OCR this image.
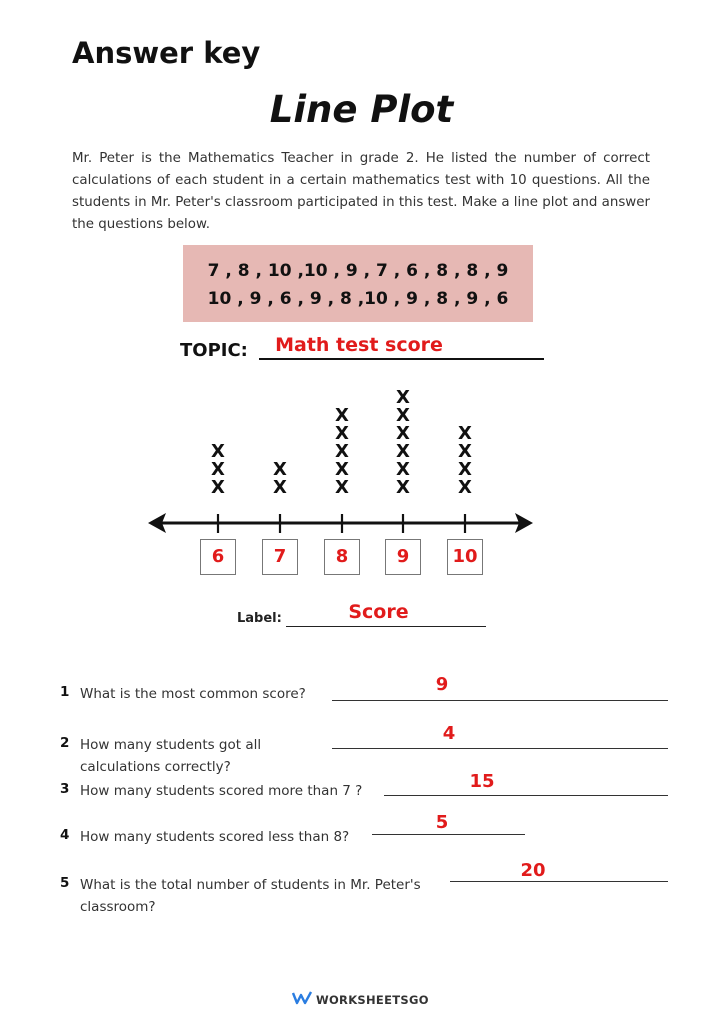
Answer key
Line Plot
Mr. Peter is the Mathematics Teacher in grade 2. He listed the number of correct calculations of each student in a certain mathematics test with 10 questions. All the students in Mr. Peter's classroom participated in this test. Make a line plot and answer the questions below.
7 , 8 , 10 ,10 , 9 , 7 , 6 , 8 , 8 , 9
10 , 9 , 6 , 9 , 8 ,10 , 9 , 8 , 9 , 6
TOPIC:	Math test score
X
X
X
X
X
X
X
X
X
X
X
X
X
X
X
X
X
X
X
X
6	7	8	9	10
Label:	Score
1 What is the most common score?	9
2 How many students got all calculations correctly?
4
3 How many students scored more than 7 ?	15
4 How many students scored less than 8?
5
5 What is the total number of students in Mr. Peter's classroom?
20
WORKSHEETSGO
